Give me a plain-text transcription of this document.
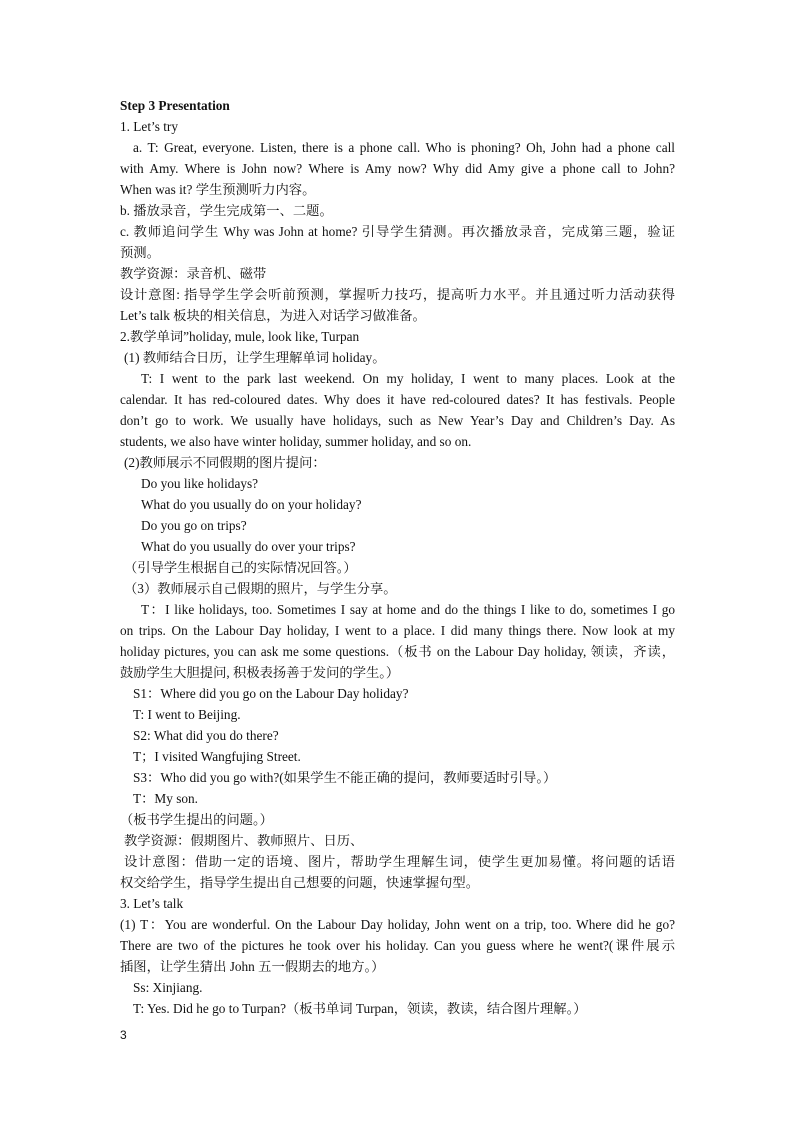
Step 3 Presentation
1. Let’s try
a. T: Great, everyone. Listen, there is a phone call. Who is phoning? Oh, John had a phone call
with Amy. Where is John now? Where is Amy now? Why did Amy give a phone call to John?
When was it? 学生预测听力内容。
b. 播放录音，学生完成第一、二题。
c. 教师追问学生 Why was John at home? 引导学生猜测。再次播放录音，完成第三题，验证
预测。
教学资源：录音机、磁带
设计意图: 指导学生学会听前预测，掌握听力技巧，提高听力水平。并且通过听力活动获得
Let’s talk 板块的相关信息，为进入对话学习做准备。
2.教学单词”holiday, mule, look like, Turpan
(1) 教师结合日历，让学生理解单词 holiday。
T: I went to the park last weekend. On my holiday, I went to many places. Look at the
calendar. It has red-coloured dates. Why does it have red-coloured dates? It has festivals. People
don’t go to work. We usually have holidays, such as New Year’s Day and Children’s Day. As
students, we also have winter holiday, summer holiday, and so on.
(2)教师展示不同假期的图片提问：
Do you like holidays?
What do you usually do on your holiday?
Do you go on trips?
What do you usually do over your trips?
（引导学生根据自己的实际情况回答。）
（3）教师展示自己假期的照片，与学生分享。
T：I like holidays, too. Sometimes I say at home and do the things I like to do, sometimes I go
on trips. On the Labour Day holiday, I went to a place. I did many things there. Now look at my
holiday pictures, you can ask me some questions.（板书 on the Labour Day holiday, 领读，齐读，
鼓励学生大胆提问, 积极表扬善于发问的学生。）
S1：Where did you go on the Labour Day holiday?
T: I went to Beijing.
S2: What did you do there?
T；I visited Wangfujing Street.
S3：Who did you go with?(如果学生不能正确的提问，教师要适时引导。）
T：My son.
（板书学生提出的问题。）
教学资源：假期图片、教师照片、日历、
设计意图：借助一定的语境、图片，帮助学生理解生词，使学生更加易懂。将问题的话语
权交给学生，指导学生提出自己想要的问题，快速掌握句型。
3. Let’s talk
(1) T：You are wonderful. On the Labour Day holiday, John went on a trip, too. Where did he go?
There are two of the pictures he took over his holiday. Can you guess where he went?(课件展示
插图，让学生猜出 John 五一假期去的地方。）
Ss: Xinjiang.
T: Yes. Did he go to Turpan?（板书单词 Turpan，领读，教读，结合图片理解。）
3
